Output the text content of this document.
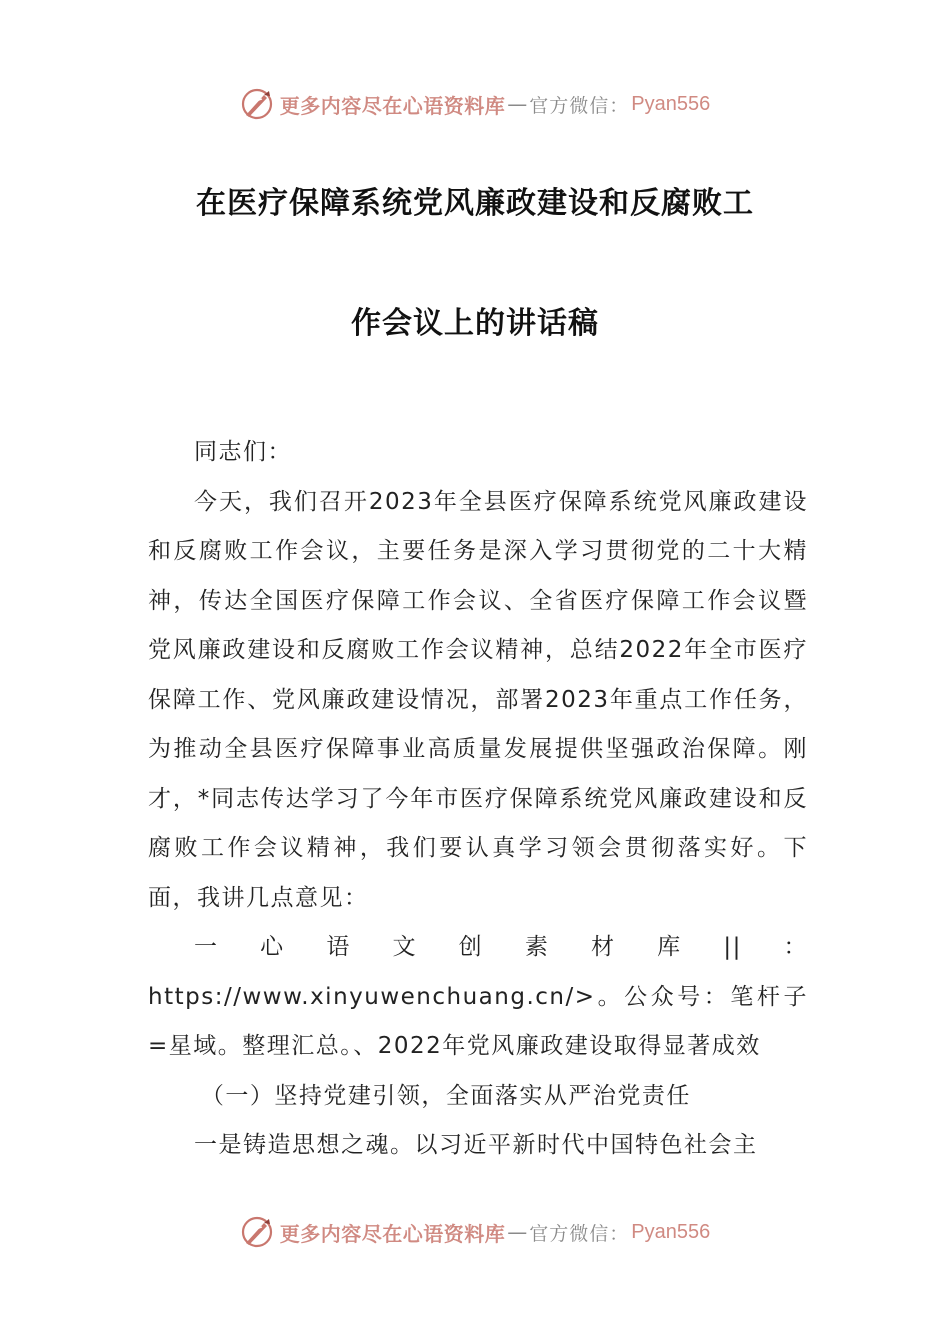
更多内容尽在心语资料库 — 官方微信： Pyan556
在医疗保障系统党风廉政建设和反腐败工
作会议上的讲话稿

同志们：

今天，我们召开2023年全县医疗保障系统党风廉政建设和反腐败工作会议，主要任务是深入学习贯彻党的二十大精神，传达全国医疗保障工作会议、全省医疗保障工作会议暨党风廉政建设和反腐败工作会议精神，总结2022年全市医疗保障工作、党风廉政建设情况，部署2023年重点工作任务，为推动全县医疗保障事业高质量发展提供坚强政治保障。刚才，*同志传达学习了今年市医疗保障系统党风廉政建设和反腐败工作会议精神，我们要认真学习领会贯彻落实好。下面，我讲几点意见：

一心语文创素材库||：https://www.xinyuwenchuang.cn/>。公众号：笔杆子=星域。整理汇总。、2022年党风廉政建设取得显著成效

（一）坚持党建引领，全面落实从严治党责任

一是铸造思想之魂。以习近平新时代中国特色社会主

更多内容尽在心语资料库 — 官方微信： Pyan556
